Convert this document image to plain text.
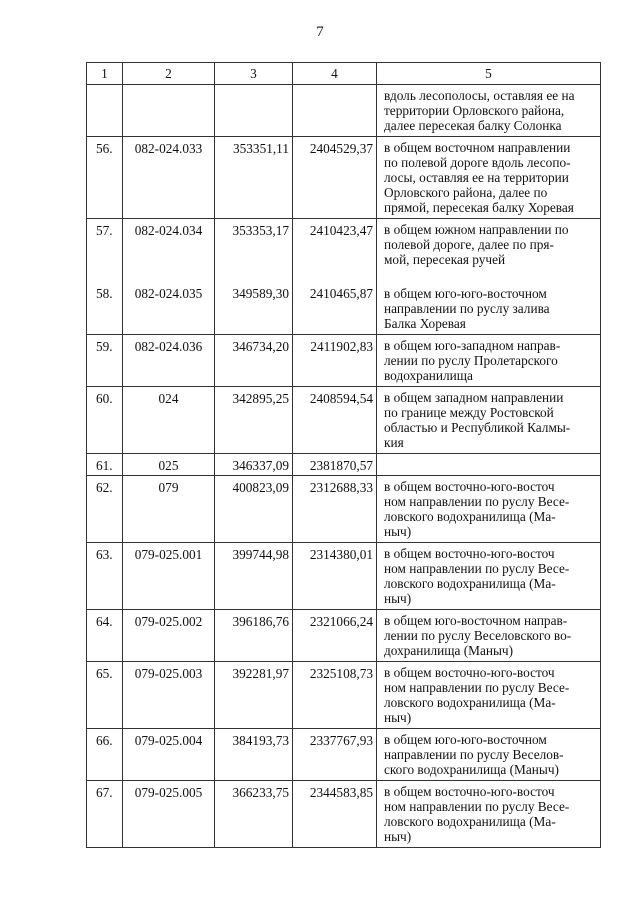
7
1	2	3	4	5

				вдоль лесополосы, оставляя ее на
территории Орловского района,
далее пересекая балку Солонка

56.	082-024.033	353351,11	2404529,37	в общем восточном направлении
по полевой дороге вдоль лесопо-
лосы, оставляя ее на территории
Орловского района, далее по
прямой, пересекая балку Хоревая

57.	082-024.034	353353,17	2410423,47	в общем южном направлении по
полевой дороге, далее по пря-
мой, пересекая ручей

58.	082-024.035	349589,30	2410465,87	в общем юго-юго-восточном
направлении по руслу залива
Балка Хоревая

59.	082-024.036	346734,20	2411902,83	в общем юго-западном направ-
лении по руслу Пролетарского
водохранилища

60.	024	342895,25	2408594,54	в общем западном направлении
по границе между Ростовской
областью и Республикой Калмы-
кия

61.	025	346337,09	2381870,57	
62.	079	400823,09	2312688,33	в общем восточно-юго-восточ
ном направлении по руслу Весе-
ловского водохранилища (Ма-
ныч)

63.	079-025.001	399744,98	2314380,01	в общем восточно-юго-восточ
ном направлении по руслу Весе-
ловского водохранилища (Ма-
ныч)

64.	079-025.002	396186,76	2321066,24	в общем юго-восточном направ-
лении по руслу Веселовского во-
дохранилища (Маныч)

65.	079-025.003	392281,97	2325108,73	в общем восточно-юго-восточ
ном направлении по руслу Весе-
ловского водохранилища (Ма-
ныч)

66.	079-025.004	384193,73	2337767,93	в общем юго-юго-восточном
направлении по руслу Веселов-
ского водохранилища (Маныч)

67.	079-025.005	366233,75	2344583,85	в общем восточно-юго-восточ
ном направлении по руслу Весе-
ловского водохранилища (Ма-
ныч)
